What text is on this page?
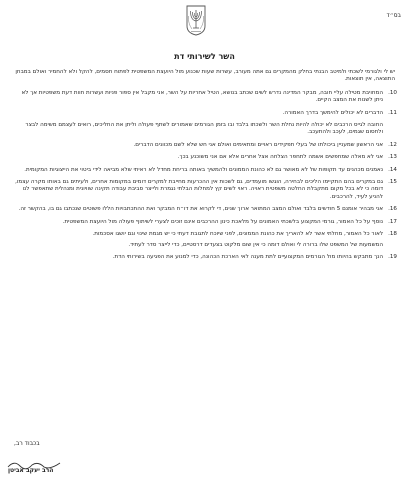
בס״ד
השר לשירותי דת

יש לי ולגורמי לשכתי ולמיטב הבנתי בחלק מהמקרים גם אתה מעורב, עשרות שעות שכנוע מול היועצת המשפטית לפתוח חסמים, להקל ולא להחמיר ואולם במבחן התוצאה, אין תוצאות.

10.
המחויבת מטילה עליי חובה, מבקר המדינה נדרש לשים שכתב בנושא, הטיל אחריות על השר, אני מקבל אין ספור פניות ועשרות חוות דעת משפטיות אך לא ניתן לשנות את המצב הקיים.
11.
הדברים לא יכולים להימשך בדרך האמורה.
החובה לגייס הרכבים לא יכולה להיות נחלת השר ולשכתו בלבד ובו בזמן הגורמים שאמורים לשתף פעולה וליתן את החליכים, רואים לעצמם משימה לבצר ולחסום שגמים, לעכב ולהתעכב.
12.
אני הראשון שמעניין ביכולתו של בעלי תפקידים ראויים ומתאימים ואולם אני חש שלא לשם מכוונים הדברים.
13.
אני לא מאלה שמחפשים אשמה לתחפר הצלחה אצל אחרים אלא אם אני משוכנע בכך.
14.
נאמנים מכהנים עד תקופות של לא מאושר גם לא כהונת הממונים ולהמשיך באותה בריחת מחדל לא ראיתי שלא מביאה לידי ביטוי את הייצוגיות המקומית.
15.
גם במקרים בהם התקיימו הליכים לבחירה, הוגשו מועמדים, גם לשכות אין ההכרעות מחייבת למקרים דומים במקומות אחרים, ולעיתים גם באותו מקרה עצמו, דומה כי לא בכל מקום מתקבלת החלטה משפטית ראויה. ראוי לשים קץ למחלות הבלתי נגמרת ולייצר סביבת עבודה תקינה שוויונית ומנהלית שתאפשר לנו להניע לעיד, להרכבים.
16.
אני מבהיר אומנם 5 חודשים בלבד ואולם המצב המתואר ארוך שנים, די לקרוא את דו״ח המבקר ואת ההתכתבויות הללו פשוטים שנכתבו גם בו, בהקשר זה.
17.
נוסף על כל האמור, גורמי המקצוע בלשכתי האמונים על מלאכת כינון ההרכבים אינם זוכים לצערי לשיתוף פעולה מול היועצת המשפטית.
18.
לאור כל האמור, מחלתי אשר לא להאריך את כהונת הממונים, לפני שיוכח לתגובת דעתי כי יש מגמת שינוי וגם יושגו אסכמות.
המשמעות של המשפט שלו ברורה לי ואולם דומה כי אין שום מלקוט בצעדים דרסטיים, כדי לייצר סדר לעתיד.
19.
הנך מתבקש בהיותו מול הגורמים המקצועיים לתת מענה לאי הארכת הכהונה, כדי למנוע את הפגיעה בשירותי הדת.
בכבוד רב,
הרב יעקב אביטן
